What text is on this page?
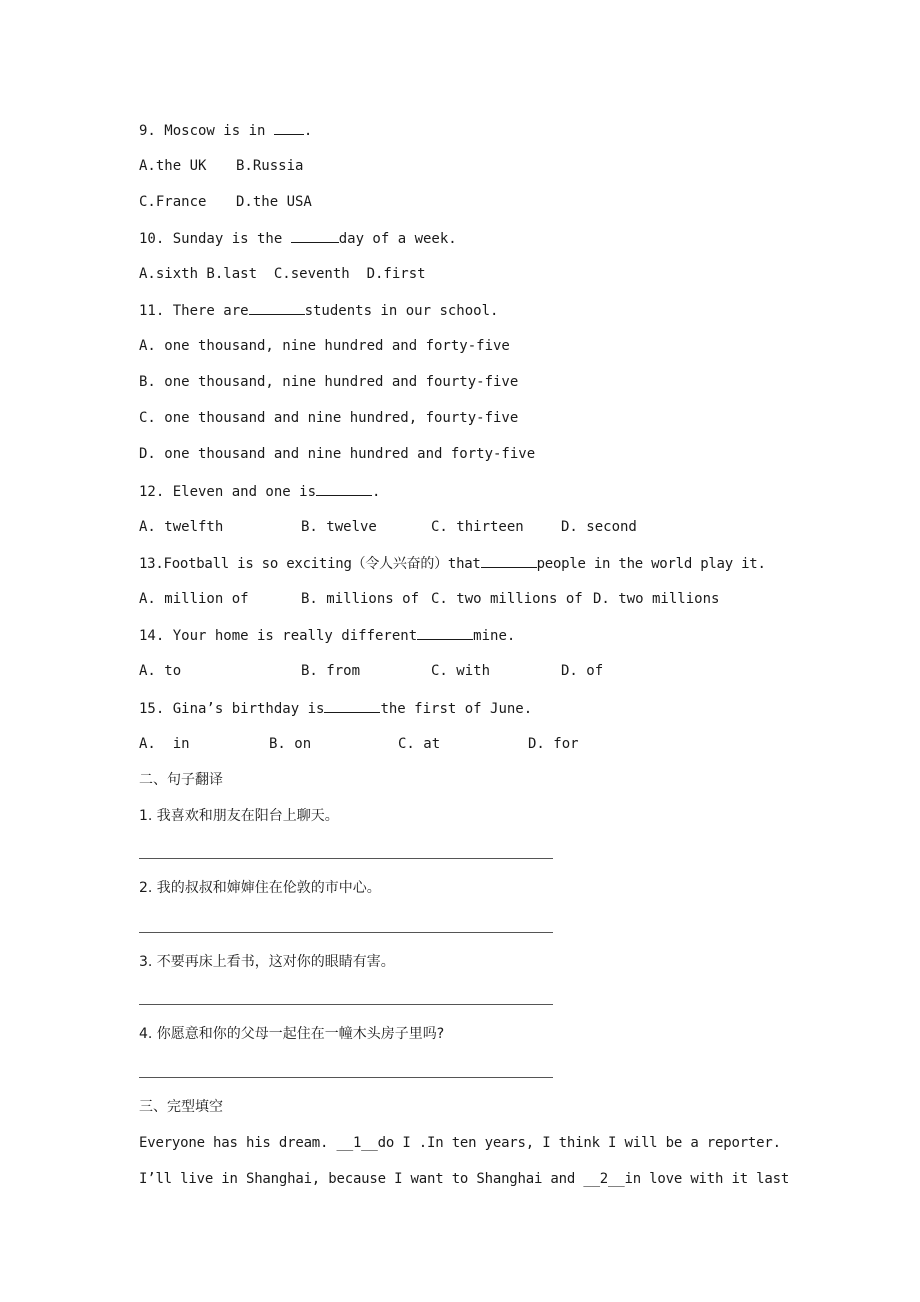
9. Moscow is in .
A.the UK B.Russia
C.France D.the USA
10. Sunday is the	day of a week.
A.sixth B.last  C.seventh  D.first
11. There are	students in our school.
A. one thousand, nine hundred and forty-five
B. one thousand, nine hundred and fourty-five
C. one thousand and nine hundred, fourty-five
D. one thousand and nine hundred and forty-five
12. Eleven and one is	.
A. twelfth	B. twelve	C. thirteen	D. second
13.Football is so exciting（令人兴奋的）that	people in the world play it.
A. million of	B. millions of C. two millions of D. two millions
14. Your home is really different	mine.
A. to	B. from	C. with	D. of
15. Gina’s birthday is	the first of June.
A.  in	B. on	C. at	D. for
二、句子翻译
1. 我喜欢和朋友在阳台上聊天。
2. 我的叔叔和婶婶住在伦敦的市中心。
3. 不要再床上看书，这对你的眼睛有害。
4. 你愿意和你的父母一起住在一幢木头房子里吗?
三、完型填空
Everyone has his dream. __1__do I .In ten years, I think I will be a reporter.
I’ll live in Shanghai, because I want to Shanghai and __2__in love with it last
